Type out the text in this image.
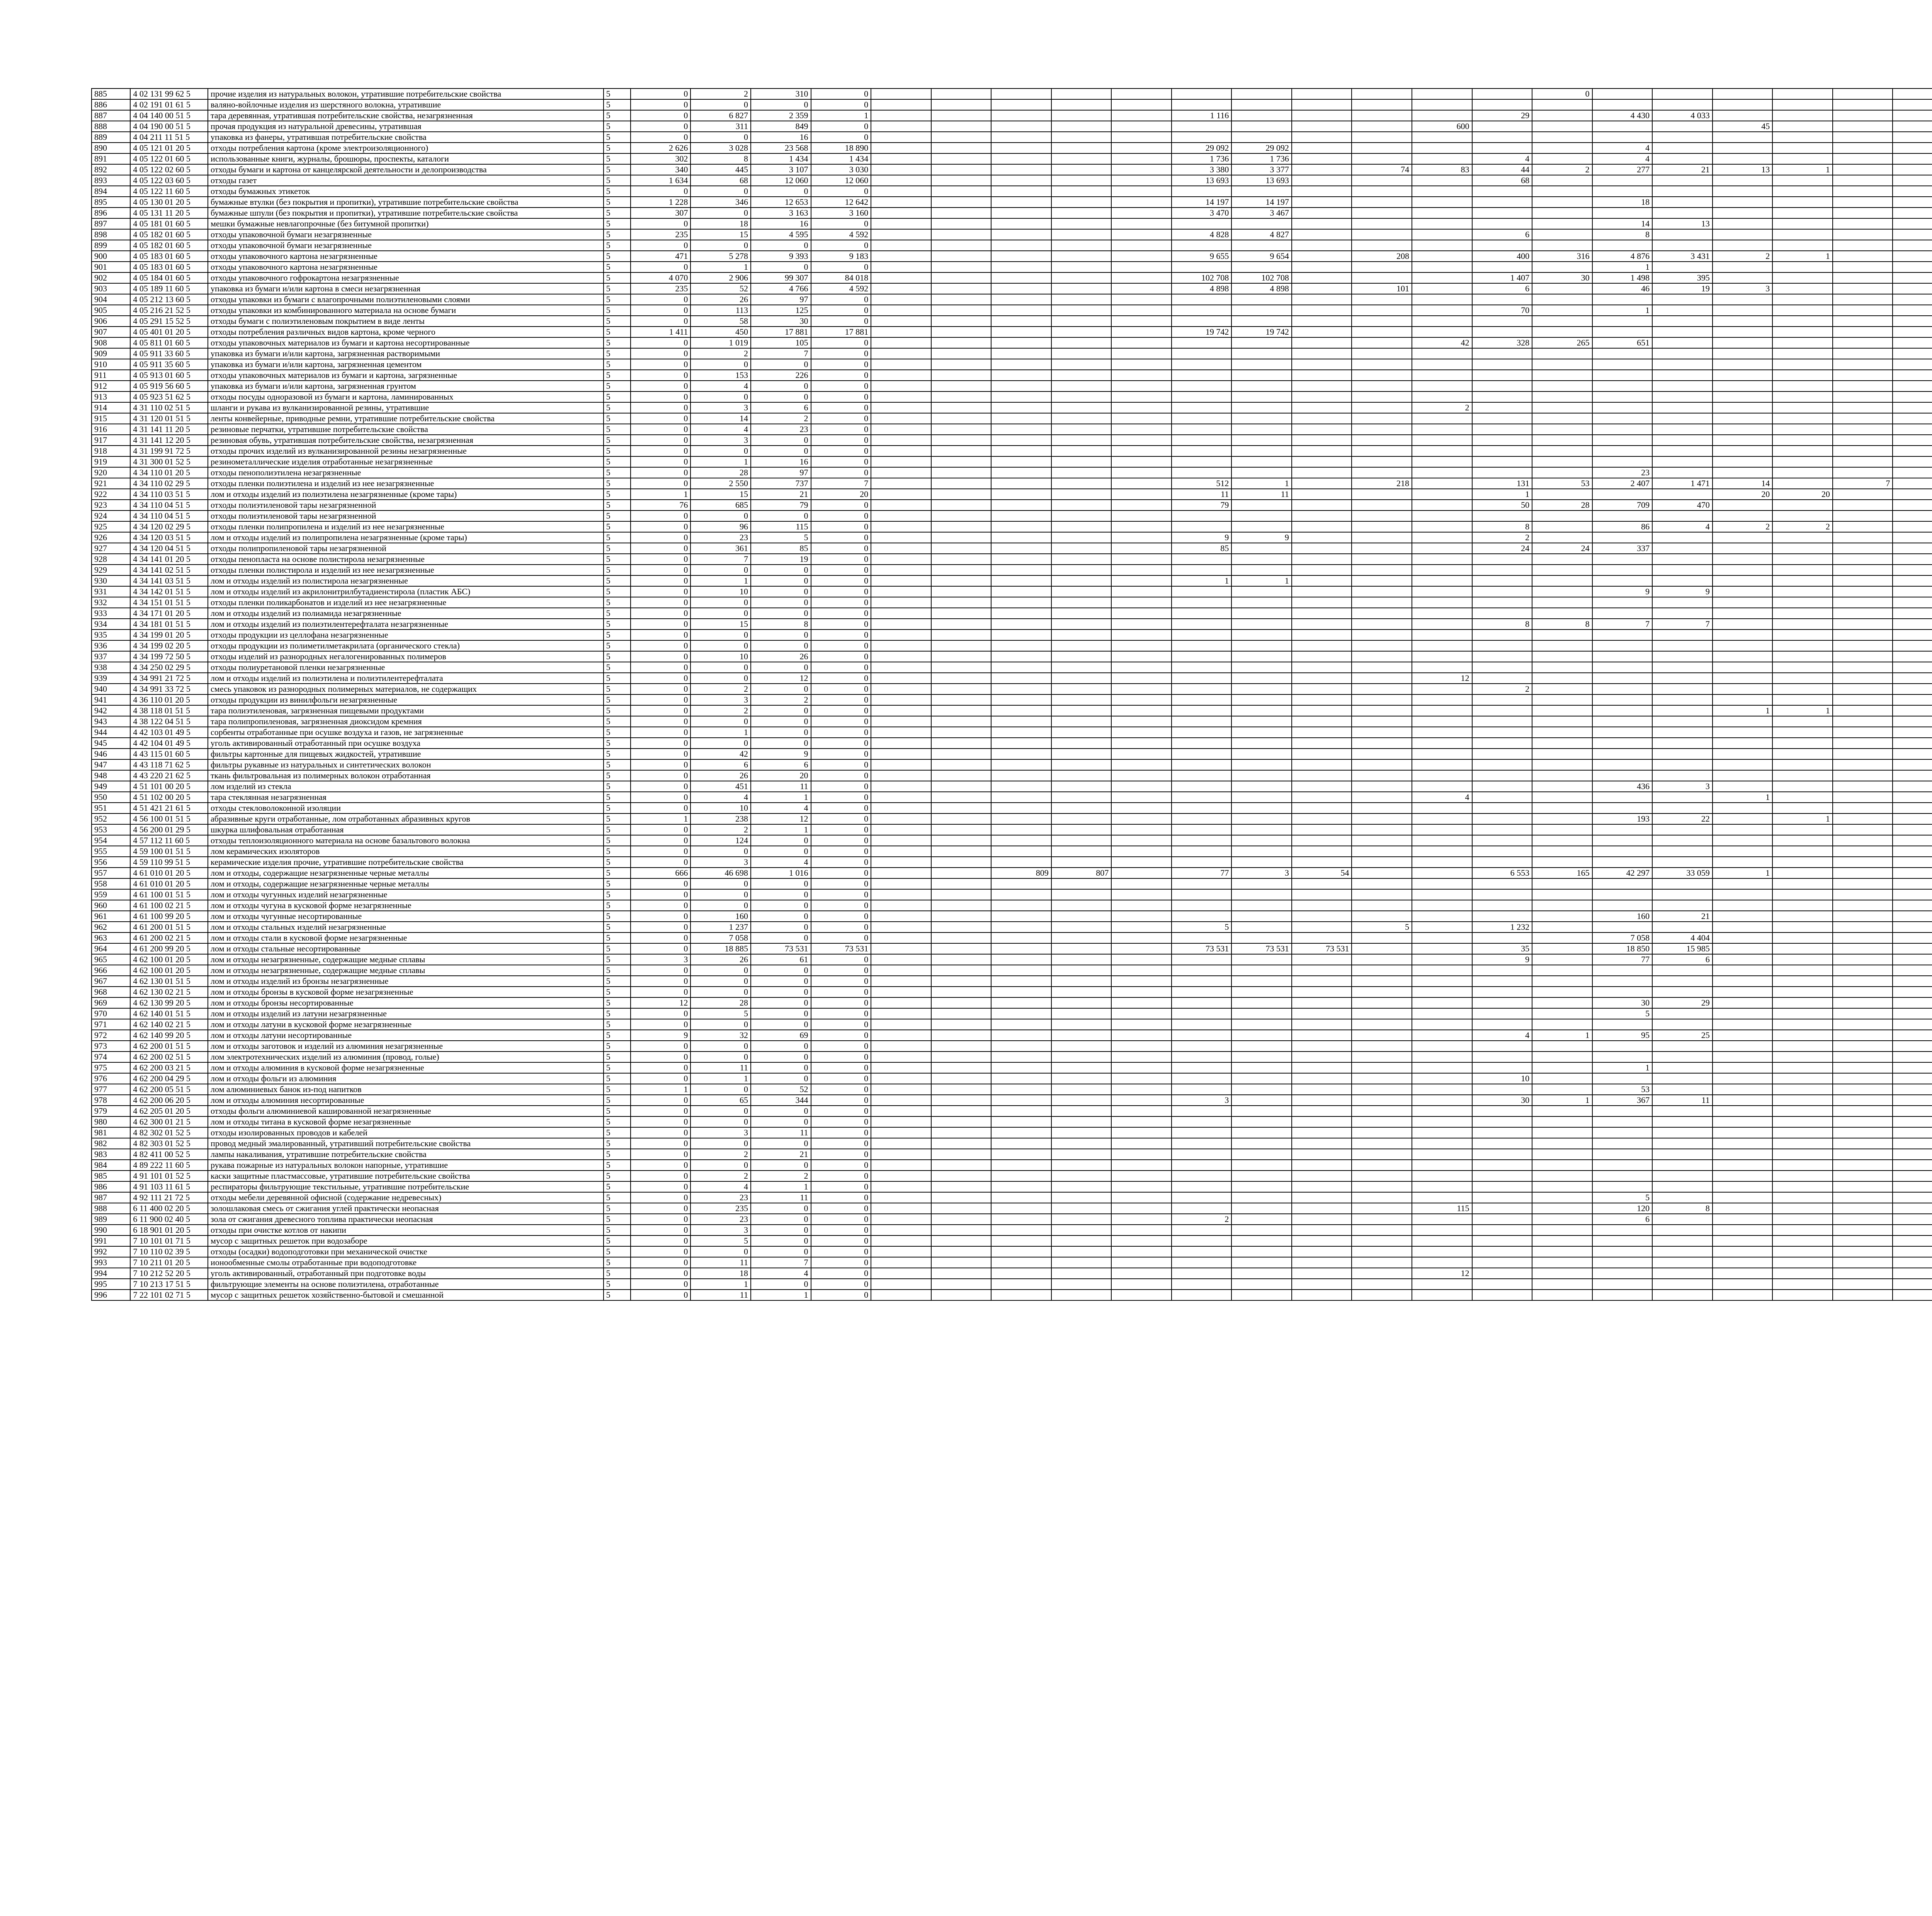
885	4 02 131 99 62 5	прочие изделия из натуральных волокон, утратившие потребительские свойства	5	0	2	310	0												0																	
886	4 02 191 01 61 5	валяно-войлочные изделия из шерстяного волокна, утратившие	5	0	0	0	0																													
887	4 04 140 00 51 5	тара деревянная, утратившая потребительские свойства, незагрязненная	5	0	6 827	2 359	1						1 116					29		4 430	4 033															
888	4 04 190 00 51 5	прочая продукция из натуральной древесины, утратившая	5	0	311	849	0										600					45														
889	4 04 211 11 51 5	упаковка из фанеры, утратившая потребительские свойства	5	0	0	16	0																													
890	4 05 121 01 20 5	отходы потребления картона (кроме электроизоляционного)	5	2 626	3 028	23 568	18 890						29 092	29 092						4																
891	4 05 122 01 60 5	использованные книги, журналы, брошюры, проспекты, каталоги	5	302	8	1 434	1 434						1 736	1 736				4		4																
892	4 05 122 02 60 5	отходы бумаги и картона от канцелярской деятельности и делопроизводства	5	340	445	3 107	3 030						3 380	3 377		74	83	44	2	277	21	13	1													
893	4 05 122 03 60 5	отходы газет	5	1 634	68	12 060	12 060						13 693	13 693				68																		
894	4 05 122 11 60 5	отходы бумажных этикеток	5	0	0	0	0																													
895	4 05 130 01 20 5	бумажные втулки (без покрытия и пропитки), утратившие потребительские свойства	5	1 228	346	12 653	12 642						14 197	14 197						18																
896	4 05 131 11 20 5	бумажные шпули (без покрытия и пропитки), утратившие потребительские свойства	5	307	0	3 163	3 160						3 470	3 467																						
897	4 05 181 01 60 5	мешки бумажные невлагопрочные (без битумной пропитки)	5	0	18	16	0													14	13															
898	4 05 182 01 60 5	отходы упаковочной бумаги незагрязненные	5	235	15	4 595	4 592						4 828	4 827				6		8																
899	4 05 182 01 60 5	отходы упаковочной бумаги незагрязненные	5	0	0	0	0																													
900	4 05 183 01 60 5	отходы упаковочного картона незагрязненные	5	471	5 278	9 393	9 183						9 655	9 654		208		400	316	4 876	3 431	2	1													
901	4 05 183 01 60 5	отходы упаковочного картона незагрязненные	5	0	1	0	0													1																
902	4 05 184 01 60 5	отходы упаковочного гофрокартона незагрязненные	5	4 070	2 906	99 307	84 018						102 708	102 708				1 407	30	1 498	395															
903	4 05 189 11 60 5	упаковка из бумаги и/или картона в смеси незагрязненная	5	235	52	4 766	4 592						4 898	4 898		101		6		46	19	3														
904	4 05 212 13 60 5	отходы упаковки из бумаги с влагопрочными полиэтиленовыми слоями	5	0	26	97	0																													
905	4 05 216 21 52 5	отходы упаковки из комбинированного материала на основе бумаги	5	0	113	125	0											70		1																
906	4 05 291 15 52 5	отходы бумаги с полиэтиленовым покрытием в виде ленты	5	0	58	30	0																													
907	4 05 401 01 20 5	отходы потребления различных видов картона, кроме черного	5	1 411	450	17 881	17 881						19 742	19 742																						
908	4 05 811 01 60 5	отходы упаковочных материалов из бумаги и картона несортированные	5	0	1 019	105	0										42	328	265	651																
909	4 05 911 33 60 5	упаковка из бумаги и/или картона, загрязненная растворимыми	5	0	2	7	0																													
910	4 05 911 35 60 5	упаковка из бумаги и/или картона, загрязненная цементом	5	0	0	0	0																													
911	4 05 913 01 60 5	отходы упаковочных материалов из бумаги и картона, загрязненные	5	0	153	226	0																													
912	4 05 919 56 60 5	упаковка из бумаги и/или картона, загрязненная грунтом	5	0	4	0	0																													
913	4 05 923 51 62 5	отходы посуды одноразовой из бумаги и картона, ламинированных	5	0	0	0	0																													
914	4 31 110 02 51 5	шланги и рукава из вулканизированной резины, утратившие	5	0	3	6	0										2																			
915	4 31 120 01 51 5	ленты конвейерные, приводные ремни, утратившие потребительские свойства	5	0	14	2	0																													
916	4 31 141 11 20 5	резиновые перчатки, утратившие потребительские свойства	5	0	4	23	0																													
917	4 31 141 12 20 5	резиновая обувь, утратившая потребительские свойства, незагрязненная	5	0	3	0	0																													
918	4 31 199 91 72 5	отходы прочих изделий из вулканизированной резины незагрязненные	5	0	0	0	0																													
919	4 31 300 01 52 5	резинометаллические изделия отработанные незагрязненные	5	0	1	16	0																													
920	4 34 110 01 20 5	отходы пенополиэтилена незагрязненные	5	0	28	97	0													23																
921	4 34 110 02 29 5	отходы пленки полиэтилена и изделий из нее незагрязненные	5	0	2 550	737	7						512	1		218		131	53	2 407	1 471	14		7												
922	4 34 110 03 51 5	лом и отходы изделий из полиэтилена незагрязненные (кроме тары)	5	1	15	21	20						11	11				1				20	20													
923	4 34 110 04 51 5	отходы полиэтиленовой тары незагрязненной	5	76	685	79	0						79					50	28	709	470															
924	4 34 110 04 51 5	отходы полиэтиленовой тары незагрязненной	5	0	0	0	0																													
925	4 34 120 02 29 5	отходы пленки полипропилена и изделий из нее незагрязненные	5	0	96	115	0											8		86	4	2	2													
926	4 34 120 03 51 5	лом и отходы изделий из полипропилена незагрязненные (кроме тары)	5	0	23	5	0						9	9				2																		
927	4 34 120 04 51 5	отходы полипропиленовой тары незагрязненной	5	0	361	85	0						85					24	24	337																
928	4 34 141 01 20 5	отходы пенопласта на основе полистирола незагрязненные	5	0	7	19	0																													
929	4 34 141 02 51 5	отходы пленки полистирола и изделий из нее незагрязненные	5	0	0	0	0																													
930	4 34 141 03 51 5	лом и отходы изделий из полистирола незагрязненные	5	0	1	0	0						1	1																						
931	4 34 142 01 51 5	лом и отходы изделий из акрилонитрилбутадиенстирола (пластик АБС)	5	0	10	0	0													9	9															
932	4 34 151 01 51 5	отходы пленки поликарбонатов и изделий из нее незагрязненные	5	0	0	0	0																													
933	4 34 171 01 20 5	лом и отходы изделий из полиамида незагрязненные	5	0	0	0	0																													
934	4 34 181 01 51 5	лом и отходы изделий из полиэтилентерефталата незагрязненные	5	0	15	8	0											8	8	7	7															
935	4 34 199 01 20 5	отходы продукции из целлофана незагрязненные	5	0	0	0	0																													
936	4 34 199 02 20 5	отходы продукции из полиметилметакрилата (органического стекла)	5	0	0	0	0																													
937	4 34 199 72 50 5	отходы изделий из разнородных негалогенированных полимеров	5	0	10	26	0																													
938	4 34 250 02 29 5	отходы полиуретановой пленки незагрязненные	5	0	0	0	0																													
939	4 34 991 21 72 5	лом и отходы изделий из полиэтилена и полиэтилентерефталата	5	0	0	12	0										12																			
940	4 34 991 33 72 5	смесь упаковок из разнородных полимерных материалов, не содержащих	5	0	2	0	0											2																		
941	4 36 110 01 20 5	отходы продукции из винилфольги незагрязненные	5	0	3	2	0																													
942	4 38 118 01 51 5	тара полиэтиленовая, загрязненная пищевыми продуктами	5	0	2	0	0															1	1													
943	4 38 122 04 51 5	тара полипропиленовая, загрязненная диоксидом кремния	5	0	0	0	0																													
944	4 42 103 01 49 5	сорбенты отработанные при осушке воздуха и газов, не загрязненные	5	0	1	0	0																													
945	4 42 104 01 49 5	уголь активированный отработанный при осушке воздуха	5	0	0	0	0																													
946	4 43 115 01 60 5	фильтры картонные для пищевых жидкостей, утратившие	5	0	42	9	0																													
947	4 43 118 71 62 5	фильтры рукавные из натуральных и синтетических волокон	5	0	6	6	0																													
948	4 43 220 21 62 5	ткань фильтровальная из полимерных волокон отработанная	5	0	26	20	0																													
949	4 51 101 00 20 5	лом изделий из стекла	5	0	451	11	0													436	3															
950	4 51 102 00 20 5	тара стеклянная незагрязненная	5	0	4	1	0										4					1														
951	4 51 421 21 61 5	отходы стекловолоконной изоляции	5	0	10	4	0																													
952	4 56 100 01 51 5	абразивные круги отработанные, лом отработанных абразивных кругов	5	1	238	12	0													193	22		1													
953	4 56 200 01 29 5	шкурка шлифовальная отработанная	5	0	2	1	0																													
954	4 57 112 11 60 5	отходы теплоизоляционного материала на основе базальтового волокна	5	0	124	0	0																													
955	4 59 100 01 51 5	лом керамических изоляторов	5	0	0	0	0																													
956	4 59 110 99 51 5	керамические изделия прочие, утратившие потребительские свойства	5	0	3	4	0																													
957	4 61 010 01 20 5	лом и отходы, содержащие незагрязненные черные металлы	5	666	46 698	1 016	0			809	807		77	3	54			6 553	165	42 297	33 059	1														
958	4 61 010 01 20 5	лом и отходы, содержащие незагрязненные черные металлы	5	0	0	0	0																													
959	4 61 100 01 51 5	лом и отходы чугунных изделий незагрязненные	5	0	0	0	0																													
960	4 61 100 02 21 5	лом и отходы чугуна в кусковой форме незагрязненные	5	0	0	0	0																													
961	4 61 100 99 20 5	лом и отходы чугунные несортированные	5	0	160	0	0													160	21															
962	4 61 200 01 51 5	лом и отходы стальных изделий незагрязненные	5	0	1 237	0	0						5			5		1 232																		
963	4 61 200 02 21 5	лом и отходы стали в кусковой форме незагрязненные	5	0	7 058	0	0													7 058	4 404															
964	4 61 200 99 20 5	лом и отходы стальные несортированные	5	0	18 885	73 531	73 531						73 531	73 531	73 531			35		18 850	15 985															
965	4 62 100 01 20 5	лом и отходы незагрязненные, содержащие медные сплавы	5	3	26	61	0											9		77	6															
966	4 62 100 01 20 5	лом и отходы незагрязненные, содержащие медные сплавы	5	0	0	0	0																													
967	4 62 130 01 51 5	лом и отходы изделий из бронзы незагрязненные	5	0	0	0	0																													
968	4 62 130 02 21 5	лом и отходы бронзы в кусковой форме незагрязненные	5	0	0	0	0																													
969	4 62 130 99 20 5	лом и отходы бронзы несортированные	5	12	28	0	0													30	29															
970	4 62 140 01 51 5	лом и отходы изделий из латуни незагрязненные	5	0	5	0	0													5																
971	4 62 140 02 21 5	лом и отходы латуни в кусковой форме незагрязненные	5	0	0	0	0																													
972	4 62 140 99 20 5	лом и отходы латуни несортированные	5	9	32	69	0											4	1	95	25															
973	4 62 200 01 51 5	лом и отходы заготовок и изделий из алюминия незагрязненные	5	0	0	0	0																													
974	4 62 200 02 51 5	лом электротехнических изделий из алюминия (провод, голые)	5	0	0	0	0																													
975	4 62 200 03 21 5	лом и отходы алюминия в кусковой форме незагрязненные	5	0	11	0	0													1																
976	4 62 200 04 29 5	лом и отходы фольги из алюминия	5	0	1	0	0											10																		
977	4 62 200 05 51 5	лом алюминиевых банок из-под напитков	5	1	0	52	0													53																
978	4 62 200 06 20 5	лом и отходы алюминия несортированные	5	0	65	344	0						3					30	1	367	11															
979	4 62 205 01 20 5	отходы фольги алюминиевой кашированной незагрязненные	5	0	0	0	0																													
980	4 62 300 01 21 5	лом и отходы титана в кусковой форме незагрязненные	5	0	0	0	0																													
981	4 82 302 01 52 5	отходы изолированных проводов и кабелей	5	0	3	11	0																													
982	4 82 303 01 52 5	провод медный эмалированный, утративший потребительские свойства	5	0	0	0	0																													
983	4 82 411 00 52 5	лампы накаливания, утратившие потребительские свойства	5	0	2	21	0																													
984	4 89 222 11 60 5	рукава пожарные из натуральных волокон напорные, утратившие	5	0	0	0	0																													
985	4 91 101 01 52 5	каски защитные пластмассовые, утратившие потребительские свойства	5	0	2	2	0																													
986	4 91 103 11 61 5	респираторы фильтрующие текстильные, утратившие потребительские	5	0	4	1	0																													
987	4 92 111 21 72 5	отходы мебели деревянной офисной (содержание недревесных)	5	0	23	11	0													5																
988	6 11 400 02 20 5	золошлаковая смесь от сжигания углей практически неопасная	5	0	235	0	0										115			120	8															
989	6 11 900 02 40 5	зола от сжигания древесного топлива практически неопасная	5	0	23	0	0						2							6																
990	6 18 901 01 20 5	отходы при очистке котлов от накипи	5	0	3	0	0																													
991	7 10 101 01 71 5	мусор с защитных решеток при водозаборе	5	0	5	0	0																													
992	7 10 110 02 39 5	отходы (осадки) водоподготовки при механической очистке	5	0	0	0	0																													
993	7 10 211 01 20 5	ионообменные смолы отработанные при водоподготовке	5	0	11	7	0																													
994	7 10 212 52 20 5	уголь активированный, отработанный при подготовке воды	5	0	18	4	0										12																			
995	7 10 213 17 51 5	фильтрующие элементы на основе полиэтилена, отработанные	5	0	1	0	0																													
996	7 22 101 02 71 5	мусор с защитных решеток хозяйственно-бытовой и смешанной	5	0	11	1	0																													
